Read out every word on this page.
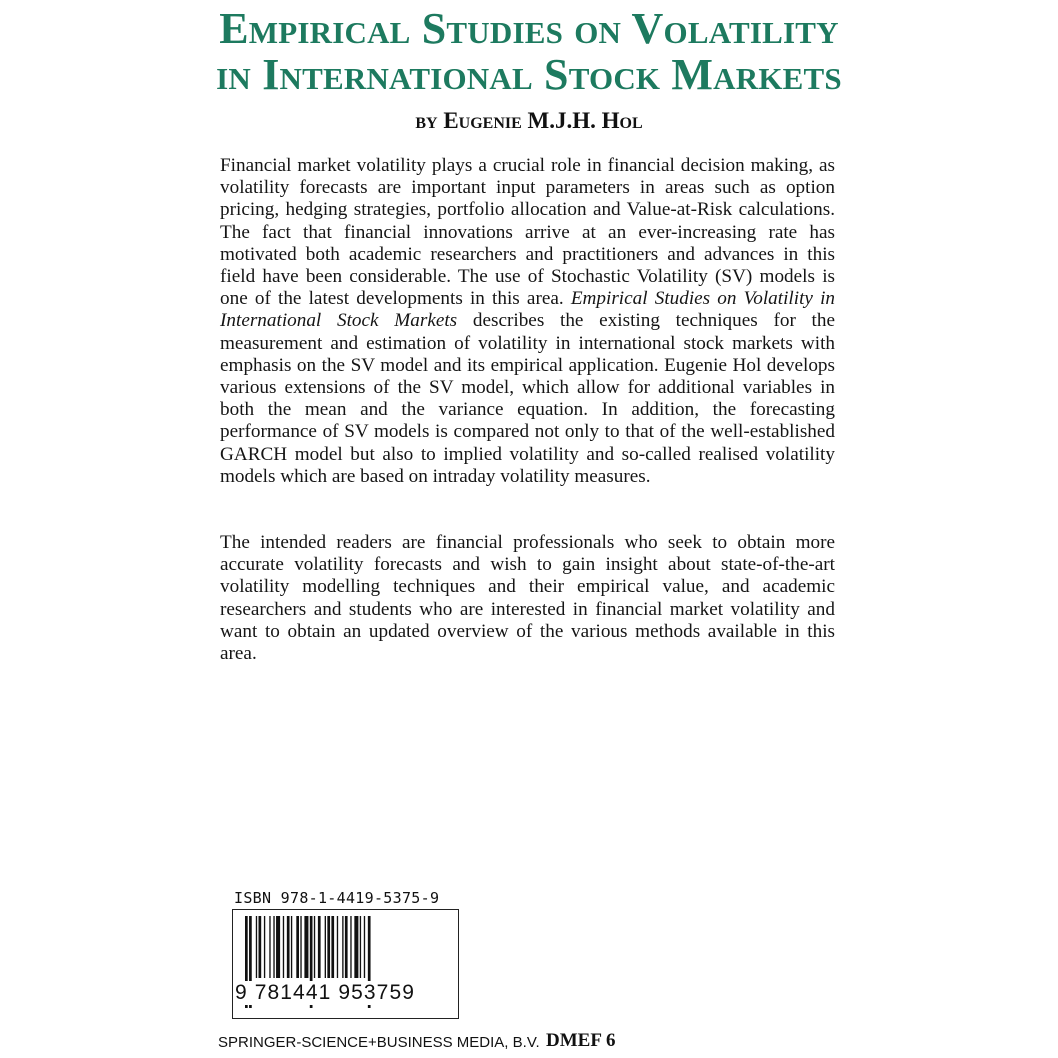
Empirical Studies on Volatility
in International Stock Markets
by Eugenie M.J.H. Hol

Financial market volatility plays a crucial role in financial decision making, as volatility forecasts are important input parameters in areas such as option pricing, hedging strategies, portfolio allocation and Value-at-Risk calculations. The fact that financial innovations arrive at an ever-increasing rate has motivated both academic researchers and practitioners and advances in this field have been considerable. The use of Stochastic Volatility (SV) models is one of the latest developments in this area. Empirical Studies on Volatility in International Stock Markets describes the existing techniques for the measurement and estimation of volatility in international stock markets with emphasis on the SV model and its empirical application. Eugenie Hol develops various extensions of the SV model, which allow for additional variables in both the mean and the variance equation. In addition, the forecasting performance of SV models is compared not only to that of the well-established GARCH model but also to implied volatility and so-called realised volatility models which are based on intraday volatility measures.

The intended readers are financial professionals who seek to obtain more accurate volatility forecasts and wish to gain insight about state-of-the-art volatility modelling techniques and their empirical value, and academic researchers and students who are interested in financial market volatility and want to obtain an updated overview of the various methods available in this area.

ISBN 978-1-4419-5375-9
9 781441 953759
SPRINGER-SCIENCE+BUSINESS MEDIA, B.V. DMEF 6
